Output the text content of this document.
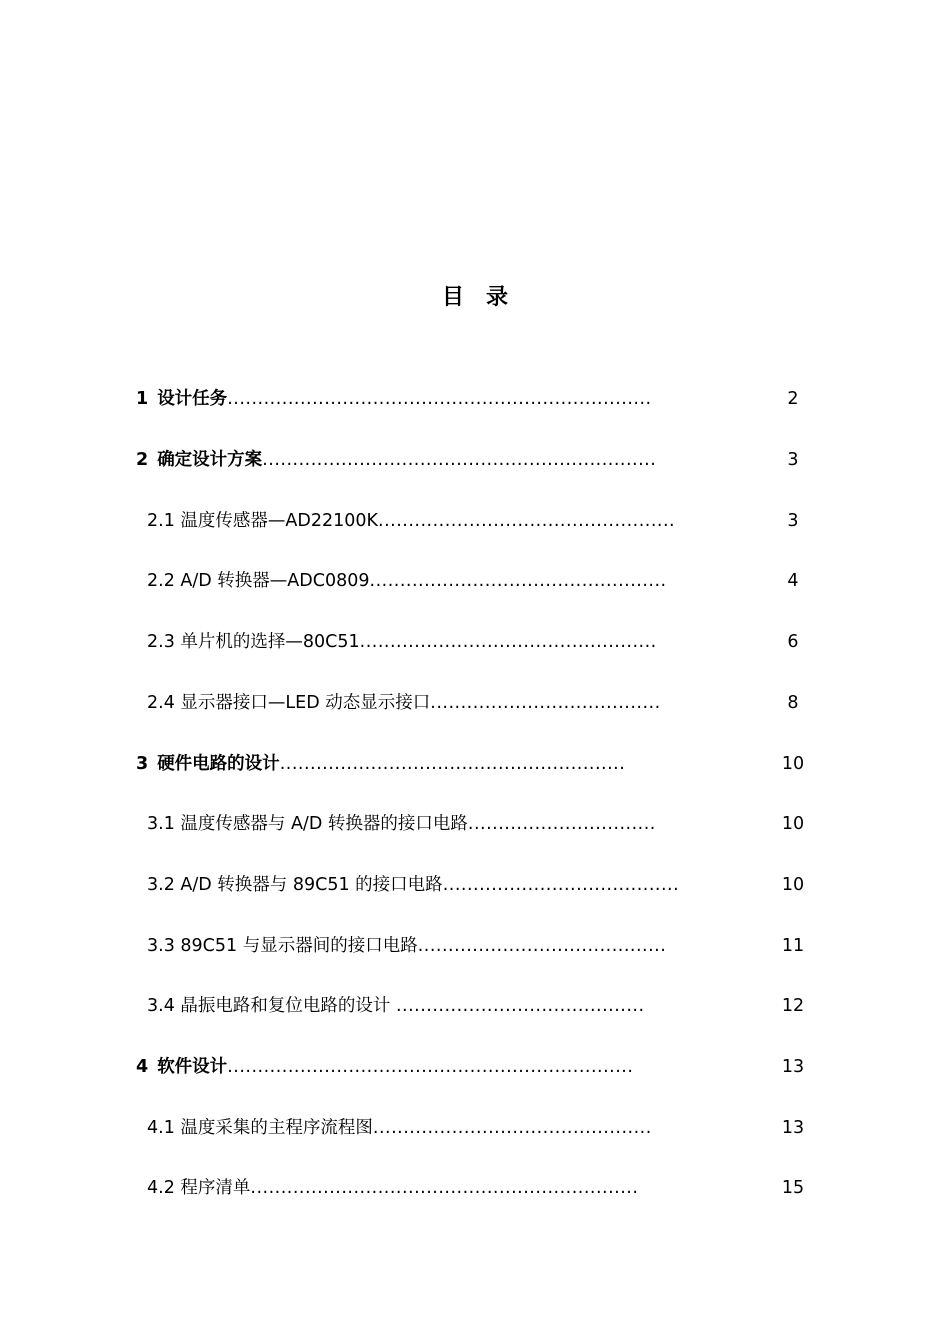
目 录
1 设计任务......................................................................	2
2 确定设计方案.................................................................	3
2.1 温度传感器—AD22100K.................................................	3
2.2 A/D 转换器—ADC0809.................................................	4
2.3 单片机的选择—80C51.................................................	6
2.4 显示器接口—LED 动态显示接口......................................	8
3 硬件电路的设计.........................................................	10
3.1 温度传感器与 A/D 转换器的接口电路...............................	10
3.2 A/D 转换器与 89C51 的接口电路.......................................	10
3.3 89C51 与显示器间的接口电路.........................................	11
3.4 晶振电路和复位电路的设计 .........................................	12
4 软件设计...................................................................	13
4.1 温度采集的主程序流程图..............................................	13
4.2 程序清单................................................................	15
